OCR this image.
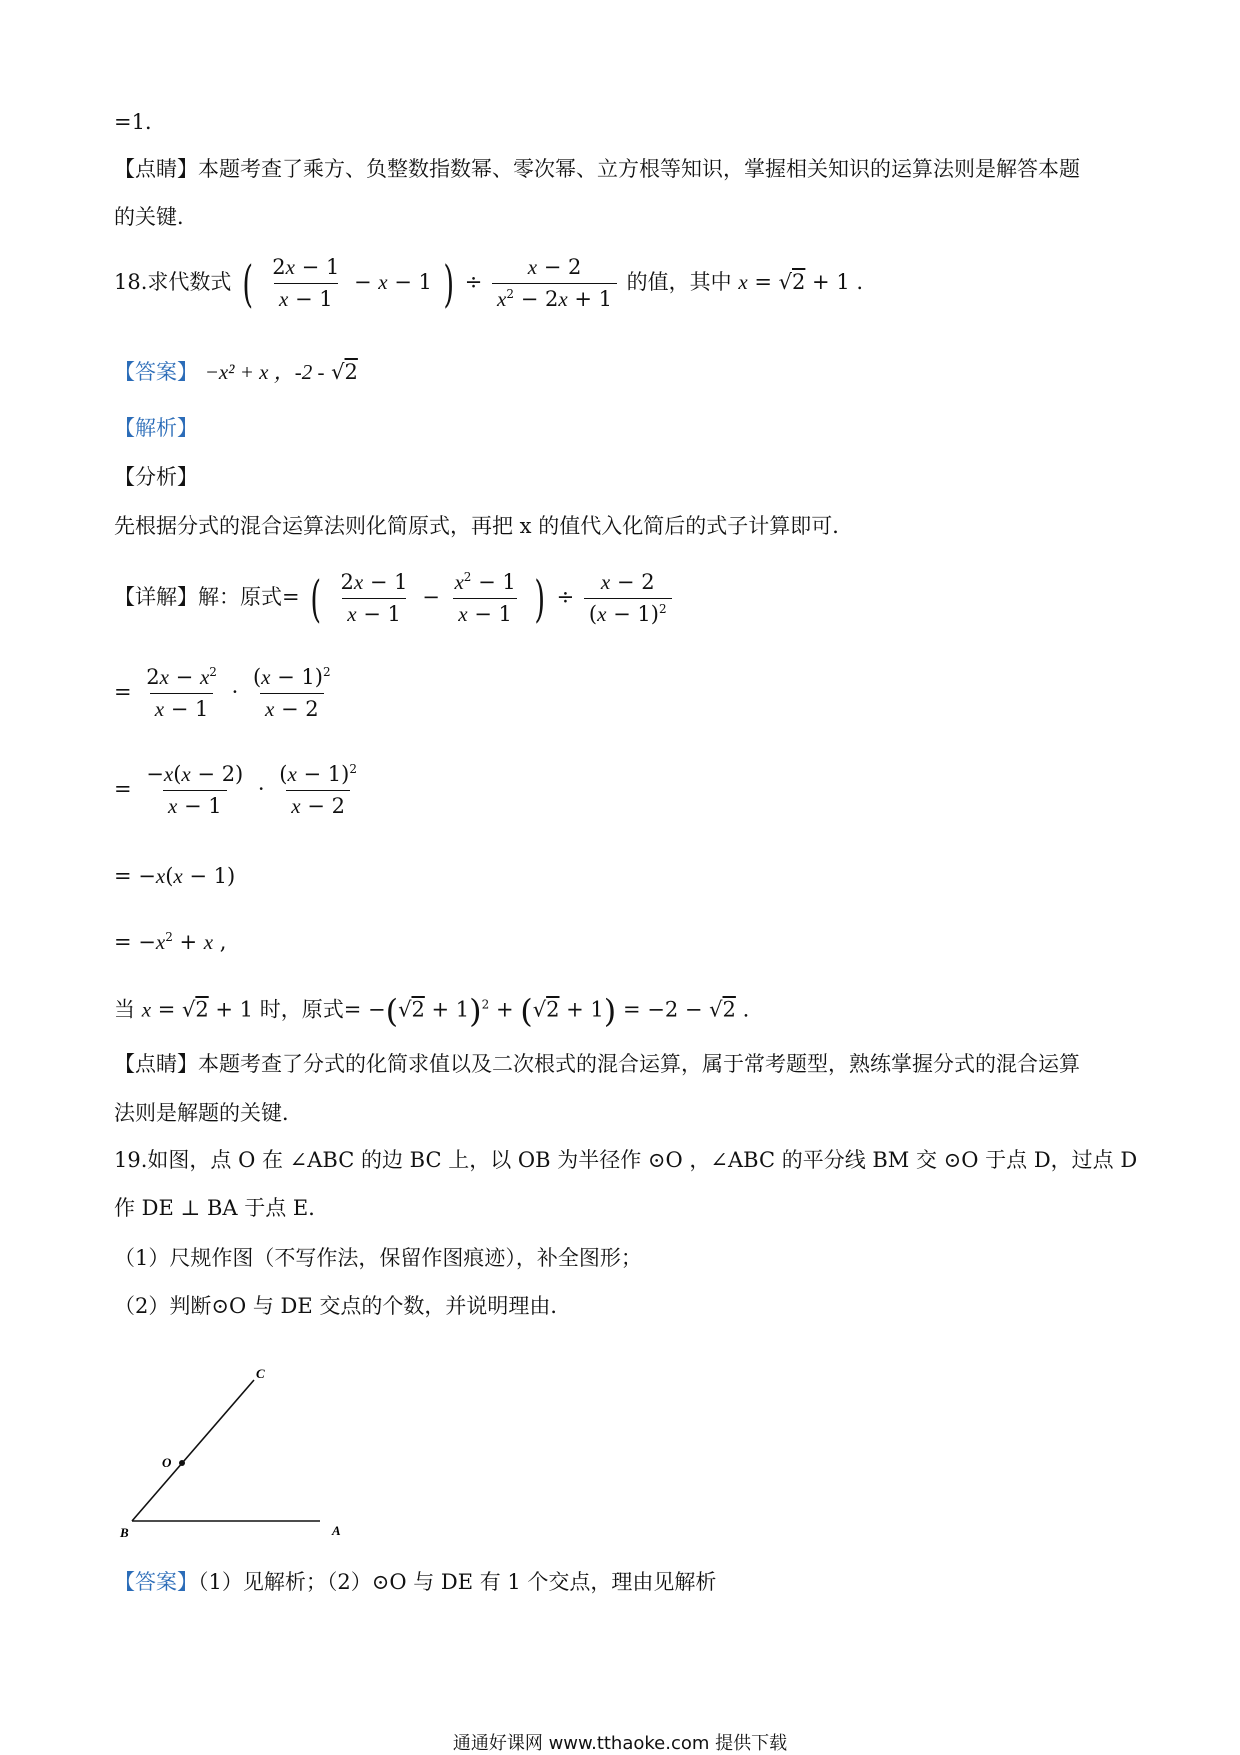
=1．
【点睛】本题考查了乘方、负整数指数幂、零次幂、立方根等知识，掌握相关知识的运算法则是解答本题
的关键．
18.求代数式 ( $\frac{2x - 1}{x - 1} - x - 1$ ) ÷ $\frac{x - 2}{x^2 - 2x + 1}$ 的值，其中 x = √2 + 1 .
【答案】 −x² + x ，-2 - √2
【解析】
【分析】
先根据分式的混合运算法则化简原式，再把 x 的值代入化简后的式子计算即可．
【详解】解：原式= ( $\frac{2x - 1}{x - 1} - \frac{x^2 - 1}{x - 1}$ ) ÷ $\frac{x - 2}{(x - 1)^2}$
= $\frac{2x - x^2}{x - 1} \cdot \frac{(x - 1)^2}{x - 2}$
= $\frac{-x(x - 2)}{x - 1} \cdot \frac{(x - 1)^2}{x - 2}$
= −x(x − 1)
= $-x^2 + x$ ,
当 x = √2 + 1 时，原式= $-(√2 + 1)^2 + (√2 + 1) = -2 - √2$ .
【点睛】本题考查了分式的化简求值以及二次根式的混合运算，属于常考题型，熟练掌握分式的混合运算
法则是解题的关键．
19.如图，点 O 在 ∠ABC 的边 BC 上，以 OB 为半径作 ⊙O ，∠ABC 的平分线 BM 交 ⊙O 于点 D，过点 D
作 DE ⊥ BA 于点 E．
（1）尺规作图（不写作法，保留作图痕迹），补全图形；
（2）判断⊙O 与 DE 交点的个数，并说明理由．
C
O
B	A
【答案】（1）见解析；（2）⊙O 与 DE 有 1 个交点，理由见解析
通通好课网 www.tthaoke.com 提供下载
